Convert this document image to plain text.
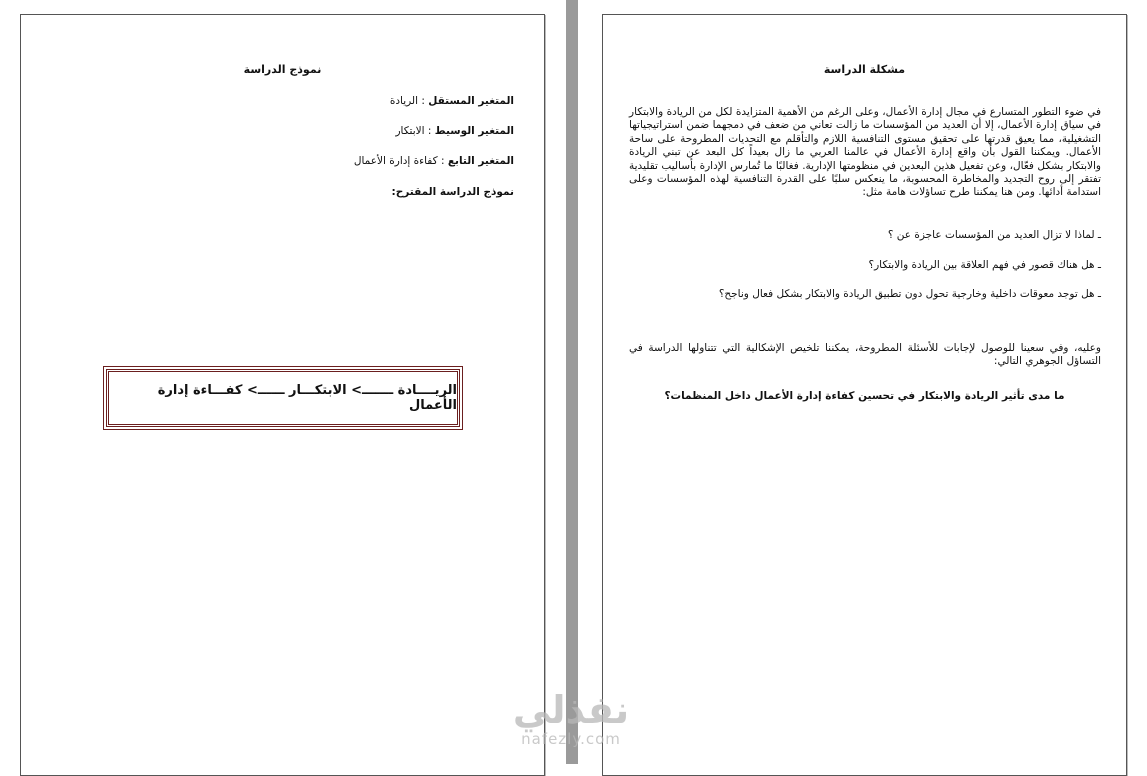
نموذج الدراسة
المتغير المستقل : الريادة
المتغير الوسيط : الابتكار
المتغير التابع : كفاءة إدارة الأعمال
نموذج الدراسة المقترح:
الريــــادة ـــــــ> الابتكـــار ــــــ> كفـــاءة إدارة الأعمال
مشكلة الدراسة
في ضوء التطور المتسارع في مجال إدارة الأعمال، وعلى الرغم من الأهمية المتزايدة لكل من الريادة والابتكار في سياق إدارة الأعمال، إلا أن العديد من المؤسسات ما زالت تعاني من ضعف في دمجهما ضمن استراتيجياتها التشغيلية، مما يعيق قدرتها على تحقيق مستوى التنافسية اللازم والتأقلم مع التحديات المطروحة على ساحة الأعمال. ويمكننا القول بأن واقع إدارة الأعمال في عالمنا العربي ما زال بعيداً كل البعد عن تبني الريادة والابتكار بشكل فعّال، وعن تفعيل هذين البعدين في منظومتها الإدارية. فغالبًا ما تُمارس الإدارة بأساليب تقليدية تفتقر إلى روح التجديد والمخاطرة المحسوبة، ما ينعكس سلبًا على القدرة التنافسية لهذه المؤسسات وعلى استدامة أدائها. ومن هنا يمكننا طرح تساؤلات هامة مثل:
ـ لماذا لا تزال العديد من المؤسسات عاجزة عن ؟
ـ هل هناك قصور في فهم العلاقة بين الريادة والابتكار؟
ـ هل توجد معوقات داخلية وخارجية تحول دون تطبيق الريادة والابتكار بشكل فعال وناجح؟
وعليه، وفي سعينا للوصول لإجابات للأسئلة المطروحة، يمكننا تلخيص الإشكالية التي تتناولها الدراسة في التساؤل الجوهري التالي:
ما مدى تأثير الريادة والابتكار في تحسين كفاءة إدارة الأعمال داخل المنظمات؟
نفذلي
nafezly.com
